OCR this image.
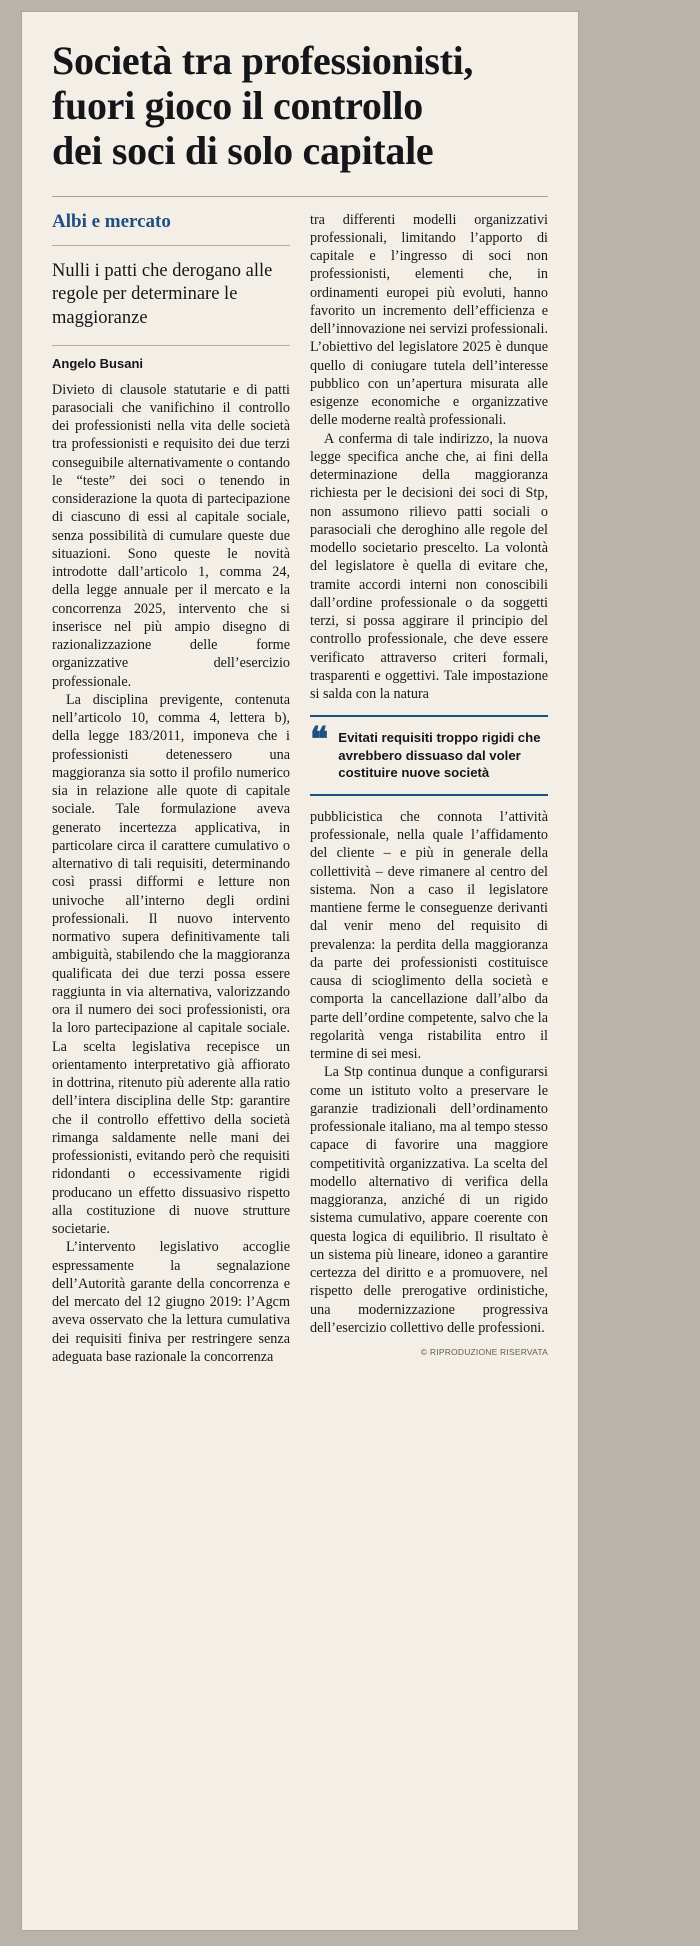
Società tra professionisti,
fuori gioco il controllo
dei soci di solo capitale
Albi e mercato
Nulli i patti che derogano alle regole per determinare le maggioranze
Angelo Busani

Divieto di clausole statutarie e di patti parasociali che vanifichino il controllo dei professionisti nella vita delle società tra professionisti e requisito dei due terzi conseguibile alternativamente o contando le “teste” dei soci o tenendo in considerazione la quota di partecipazione di ciascuno di essi al capitale sociale, senza possibilità di cumulare queste due situazioni. Sono queste le novità introdotte dall’articolo 1, comma 24, della legge annuale per il mercato e la concorrenza 2025, intervento che si inserisce nel più ampio disegno di razionalizzazione delle forme organizzative dell’esercizio professionale.

La disciplina previgente, contenuta nell’articolo 10, comma 4, lettera b), della legge 183/2011, imponeva che i professionisti detenessero una maggioranza sia sotto il profilo numerico sia in relazione alle quote di capitale sociale. Tale formulazione aveva generato incertezza applicativa, in particolare circa il carattere cumulativo o alternativo di tali requisiti, determinando così prassi difformi e letture non univoche all’interno degli ordini professionali. Il nuovo intervento normativo supera definitivamente tali ambiguità, stabilendo che la maggioranza qualificata dei due terzi possa essere raggiunta in via alternativa, valorizzando ora il numero dei soci professionisti, ora la loro partecipazione al capitale sociale. La scelta legislativa recepisce un orientamento interpretativo già affiorato in dottrina, ritenuto più aderente alla ratio dell’intera disciplina delle Stp: garantire che il controllo effettivo della società rimanga saldamente nelle mani dei professionisti, evitando però che requisiti ridondanti o eccessivamente rigidi producano un effetto dissuasivo rispetto alla costituzione di nuove strutture societarie.

L’intervento legislativo accoglie espressamente la segnalazione dell’Autorità garante della concorrenza e del mercato del 12 giugno 2019: l’Agcm aveva osservato che la lettura cumulativa dei requisiti finiva per restringere senza adeguata base razionale la concorrenza

tra differenti modelli organizzativi professionali, limitando l’apporto di capitale e l’ingresso di soci non professionisti, elementi che, in ordinamenti europei più evoluti, hanno favorito un incremento dell’efficienza e dell’innovazione nei servizi professionali. L’obiettivo del legislatore 2025 è dunque quello di coniugare tutela dell’interesse pubblico con un’apertura misurata alle esigenze economiche e organizzative delle moderne realtà professionali.

A conferma di tale indirizzo, la nuova legge specifica anche che, ai fini della determinazione della maggioranza richiesta per le decisioni dei soci di Stp, non assumono rilievo patti sociali o parasociali che deroghino alle regole del modello societario prescelto. La volontà del legislatore è quella di evitare che, tramite accordi interni non conoscibili dall’ordine professionale o da soggetti terzi, si possa aggirare il principio del controllo professionale, che deve essere verificato attraverso criteri formali, trasparenti e oggettivi. Tale impostazione si salda con la natura

❝ Evitati requisiti troppo rigidi che avrebbero dissuaso dal voler costituire nuove società

pubblicistica che connota l’attività professionale, nella quale l’affidamento del cliente – e più in generale della collettività – deve rimanere al centro del sistema. Non a caso il legislatore mantiene ferme le conseguenze derivanti dal venir meno del requisito di prevalenza: la perdita della maggioranza da parte dei professionisti costituisce causa di scioglimento della società e comporta la cancellazione dall’albo da parte dell’ordine competente, salvo che la regolarità venga ristabilita entro il termine di sei mesi.

La Stp continua dunque a configurarsi come un istituto volto a preservare le garanzie tradizionali dell’ordinamento professionale italiano, ma al tempo stesso capace di favorire una maggiore competitività organizzativa. La scelta del modello alternativo di verifica della maggioranza, anziché di un rigido sistema cumulativo, appare coerente con questa logica di equilibrio. Il risultato è un sistema più lineare, idoneo a garantire certezza del diritto e a promuovere, nel rispetto delle prerogative ordinistiche, una modernizzazione progressiva dell’esercizio collettivo delle professioni.

© RIPRODUZIONE RISERVATA
